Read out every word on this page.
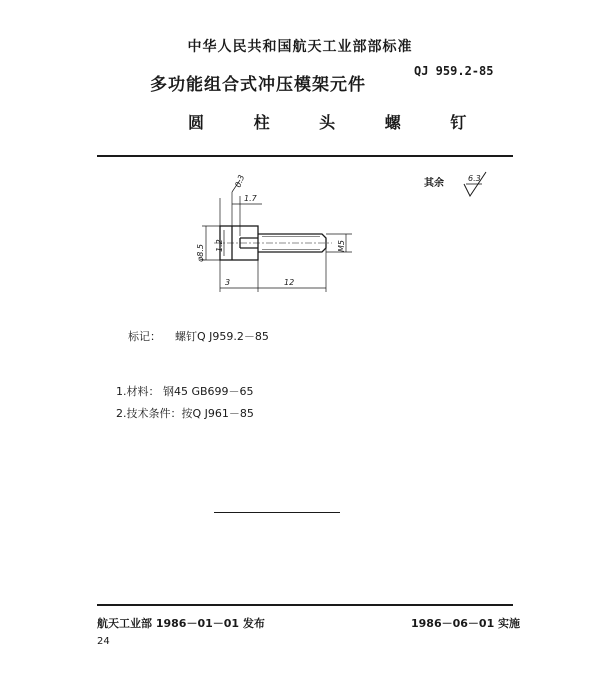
中华人民共和国航天工业部部标准
多功能组合式冲压模架元件
QJ 959.2-85
圆 柱 头 螺 钉
0.3
1.7
1.2
φ8.5	M5
3	12
其余	6.3
标记： 螺钉Q J959.2－85
1.材料： 钢45 GB699－65
2.技术条件：按Q J961－85
航天工业部 1986－01－01 发布	1986－06－01 实施
24
